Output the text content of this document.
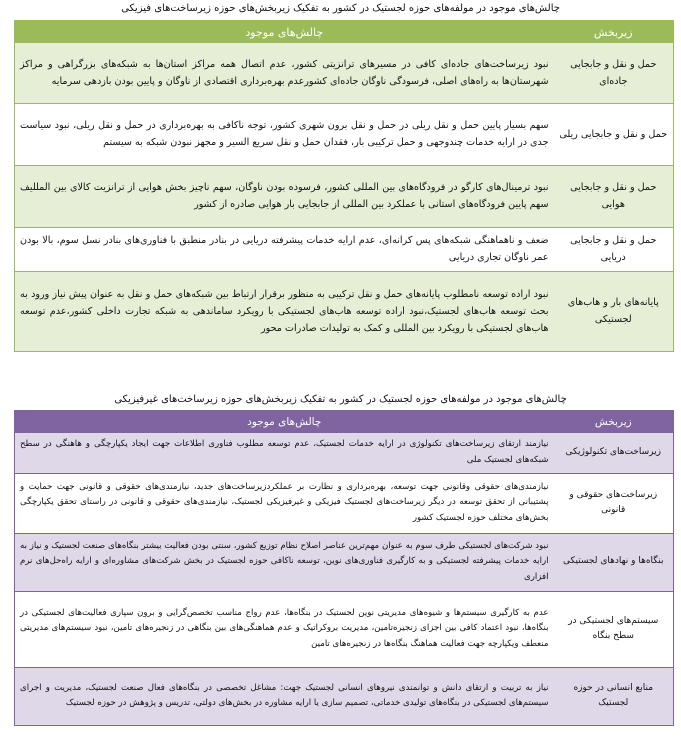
چالش‌های موجود در مولفه‌های حوزه لجستیک در کشور به تفکیک زیربخش‌های حوزه زیرساخت‌های فیزیکی
زیربخش	چالش‌های موجود
حمل و نقل و جابجایی جاده‌ای	نبود زیرساخت‌های جاده‌ای کافی در مسیرهای ترانزیتی کشور، عدم اتصال همه مراکز استان‌ها به شبکه‌های بزرگراهی و مراکز شهرستان‌ها به راه‌های اصلی، فرسودگی ناوگان جاده‌ای کشورعدم بهره‌برداری اقتصادی از ناوگان و پایین بودن بازدهی سرمایه
حمل و نقل و جابجایی ریلی	سهم بسیار پایین حمل و نقل ریلی در حمل و نقل برون شهری کشور، توجه ناکافی به بهره‌برداری در حمل و نقل ریلی، نبود سیاست جدی در ارایه خدمات چندوجهی و حمل ترکیبی بار، فقدان حمل و نقل سریع السیر و مجهز نبودن شبکه به سیستم
حمل و نقل و جابجایی هوایی	نبود ترمینال‌های کارگو در فرودگاه‌های بین المللی کشور، فرسوده بودن ناوگان، سهم ناچیز بخش هوایی از ترانزیت کالای بین المللیف سهم پایین فرودگاه‌های استانی با عملکرد بین المللی از جابجایی بار هوایی صادره از کشور
حمل و نقل و جابجایی دریایی	ضعف و ناهماهنگی شبکه‌های پس کرانه‌ای، عدم ارایه خدمات پیشرفته دریایی در بنادر منطبق با فناوری‌های بنادر نسل سوم، بالا بودن عمر ناوگان تجاری دریایی
پایانه‌های بار و هاب‌های لجستیکی	نبود اراده توسعه نامطلوب پایانه‌های حمل و نقل ترکیبی به منظور برقرار ارتباط بین شبکه‌های حمل و نقل به عنوان پیش نیاز ورود به بحث توسعه هاب‌های لجستیک،نبود اراده توسعه هاب‌های لجستیکی با رویکرد ساماندهی به شبکه تجارت داخلی کشور،عدم توسعه هاب‌های لجستیکی با رویکرد بین المللی و کمک به تولیدات صادرات محور
چالش‌های موجود در مولفه‌های حوزه لجستیک در کشور به تفکیک زیربخش‌های حوزه زیرساخت‌های غیرفیزیکی
زیربخش	چالش‌های موجود
زیرساخت‌های تکنولوژیکی	نیازمند ارتقای زیرساخت‌های تکنولوژی در ارایه خدمات لجستیک، عدم توسعه مطلوب فناوری اطلاعات جهت ایجاد یکپارچگی و هاهنگی در سطح شبکه‌های لجستیک ملی
زیرساخت‌های حقوقی و قانونی	نیازمندی‌های حقوقی وقانونی جهت توسعه، بهره‌برداری و نظارت بر عملکردزیرساخت‌های جدید، نیازمندی‌های حقوقی و قانونی جهت حمایت و پشتیبانی از تحقق توسعه در دیگر زیرساخت‌های لجستیک فیزیکی و غیرفیزیکی لجستیک، نیازمندی‌های حقوقی و قانونی در راستای تحقق یکپارچگی بخش‌های مختلف حوزه لجستیک کشور
بنگاه‌ها و نهادهای لجستیکی	نبود شرکت‌های لجستیکی طرف سوم به عنوان مهم‌ترین عناصر اصلاح نظام توزیع کشور، سنتی بودن فعالیت بیشتر بنگاه‌های صنعت لجستیک و نیاز به ارایه خدمات پیشرفته لجستیکی و به کارگیری فناوری‌های نوین، توسعه ناکافی حوزه لجستیک در بخش شرکت‌های مشاوره‌ای و ارایه راه‌حل‌های نرم افزاری
سیستم‌های لجستیکی در سطح بنگاه	عدم به کارگیری سیستم‌ها و شیوه‌های مدیریتی نوین لجستیک در بنگاه‌ها، عدم رواج مناسب تخصص‌گرایی و برون سپاری فعالیت‌های لجستیکی در بنگاه‌ها، نبود اعتماد کافی بین اجزای زنجیره‌تامین، مدیریت بروکراتیک و عدم هماهنگی‌های بین بنگاهی در زنجیره‌های تامین، نبود سیستم‌های مدیریتی منعطف ویکپارچه جهت فعالیت هماهنگ بنگاه‌ها در زنجیره‌های تامین
منابع انسانی در حوزه لجستیک	نیاز به تربیت و ارتقای دانش و توانمندی نیروهای انسانی لجستیک جهت: مشاغل تخصصی در بنگاه‌های فعال صنعت لجستیک، مدیریت و اجرای سیستم‌های لجستیکی در بنگاه‌های تولیدی خدماتی، تصمیم سازی یا ارایه مشاوره در بخش‌های دولتی، تدریس و پژوهش در حوزه لجستیک
